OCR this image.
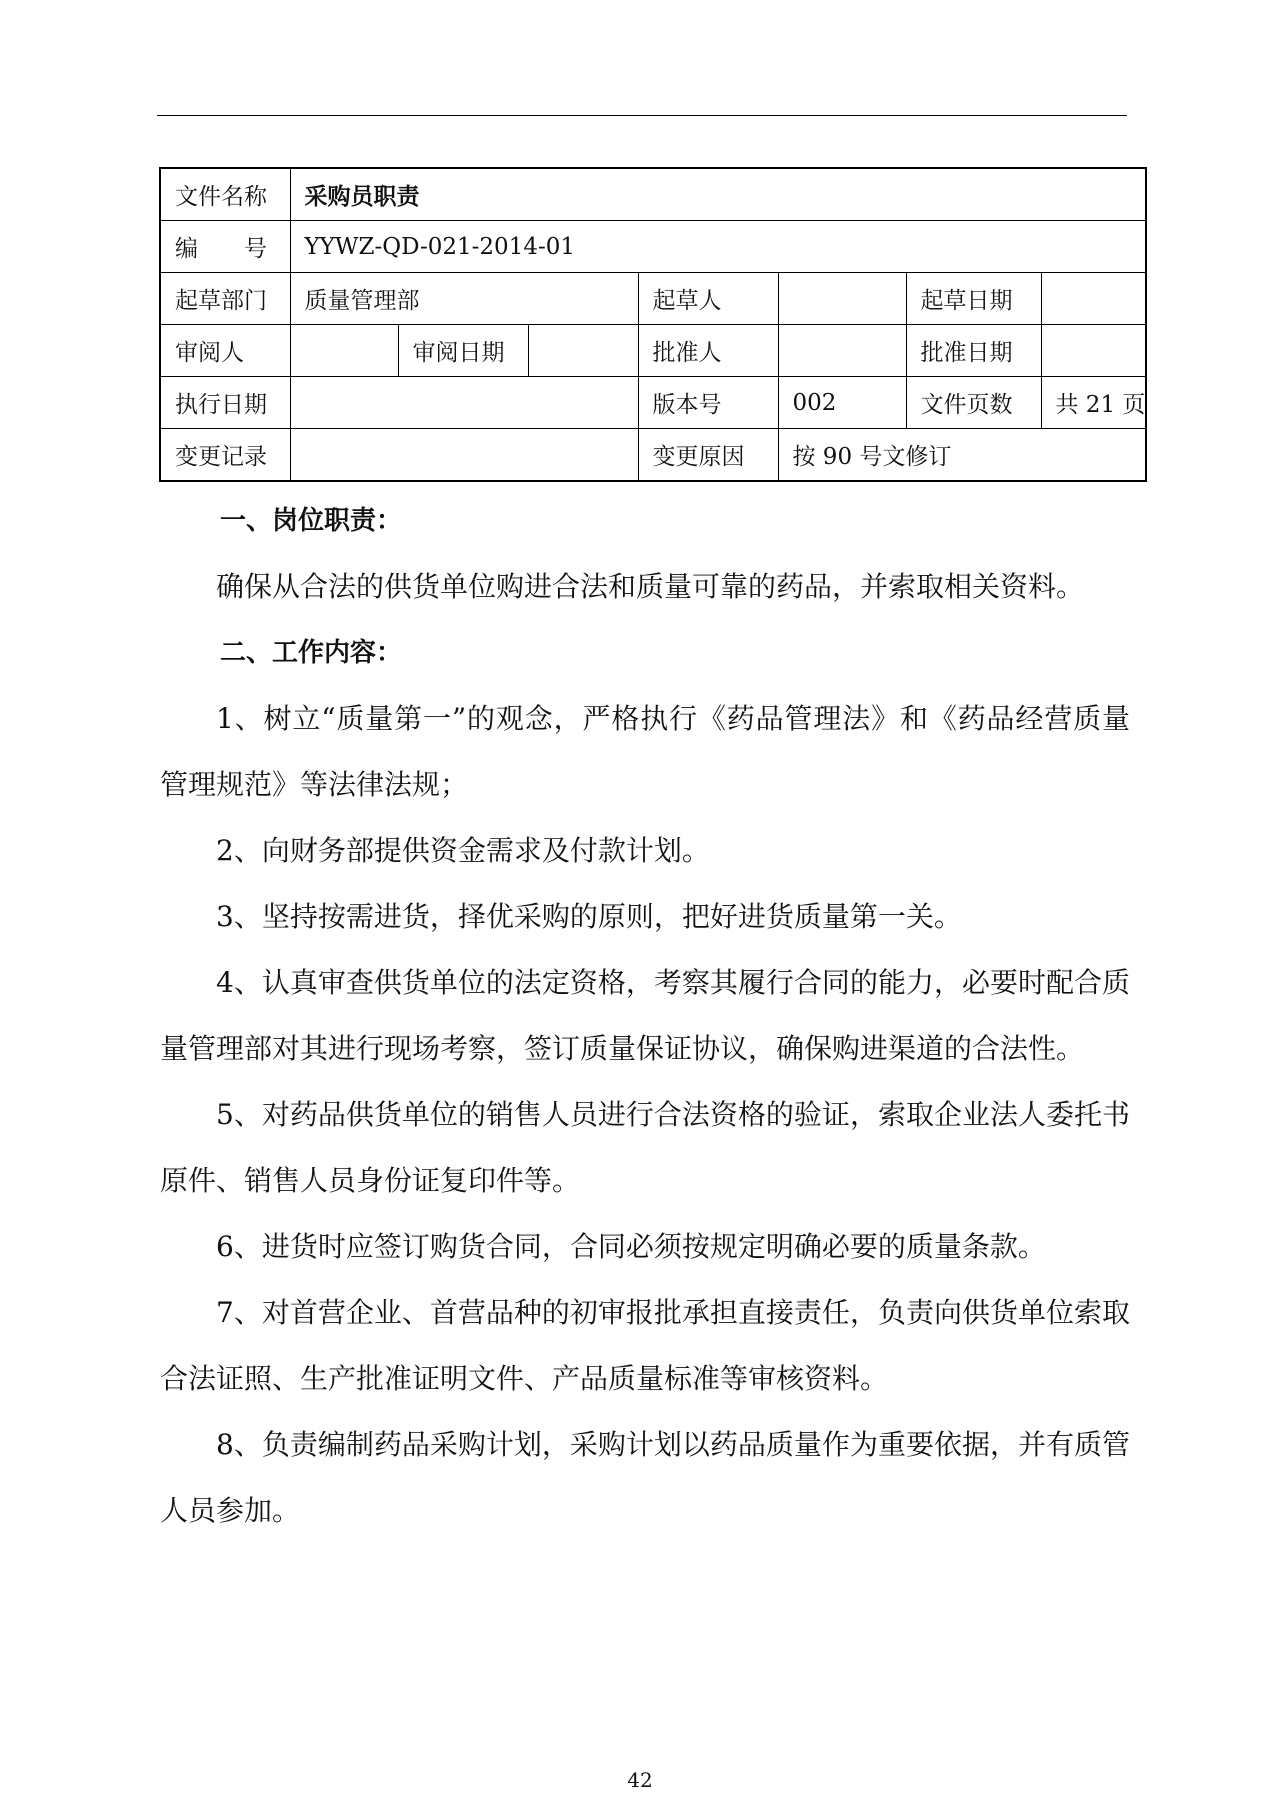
文件名称	采购员职责						
编　　号	YYWZ-QD-021-2014-01						
起草部门	质量管理部			起草人		起草日期	
审阅人		审阅日期		批准人		批准日期	
执行日期				版本号	002	文件页数	共 21 页
变更记录				变更原因	按 90 号文修订		
一、岗位职责：

确保从合法的供货单位购进合法和质量可靠的药品，并索取相关资料。

二、工作内容：

1、树立“质量第一”的观念，严格执行《药品管理法》和《药品经营质量管理规范》等法律法规；

2、向财务部提供资金需求及付款计划。

3、坚持按需进货，择优采购的原则，把好进货质量第一关。

4、认真审查供货单位的法定资格，考察其履行合同的能力，必要时配合质量管理部对其进行现场考察，签订质量保证协议，确保购进渠道的合法性。

5、对药品供货单位的销售人员进行合法资格的验证，索取企业法人委托书原件、销售人员身份证复印件等。

6、进货时应签订购货合同，合同必须按规定明确必要的质量条款。

7、对首营企业、首营品种的初审报批承担直接责任，负责向供货单位索取合法证照、生产批准证明文件、产品质量标准等审核资料。

8、负责编制药品采购计划，采购计划以药品质量作为重要依据，并有质管人员参加。

42
